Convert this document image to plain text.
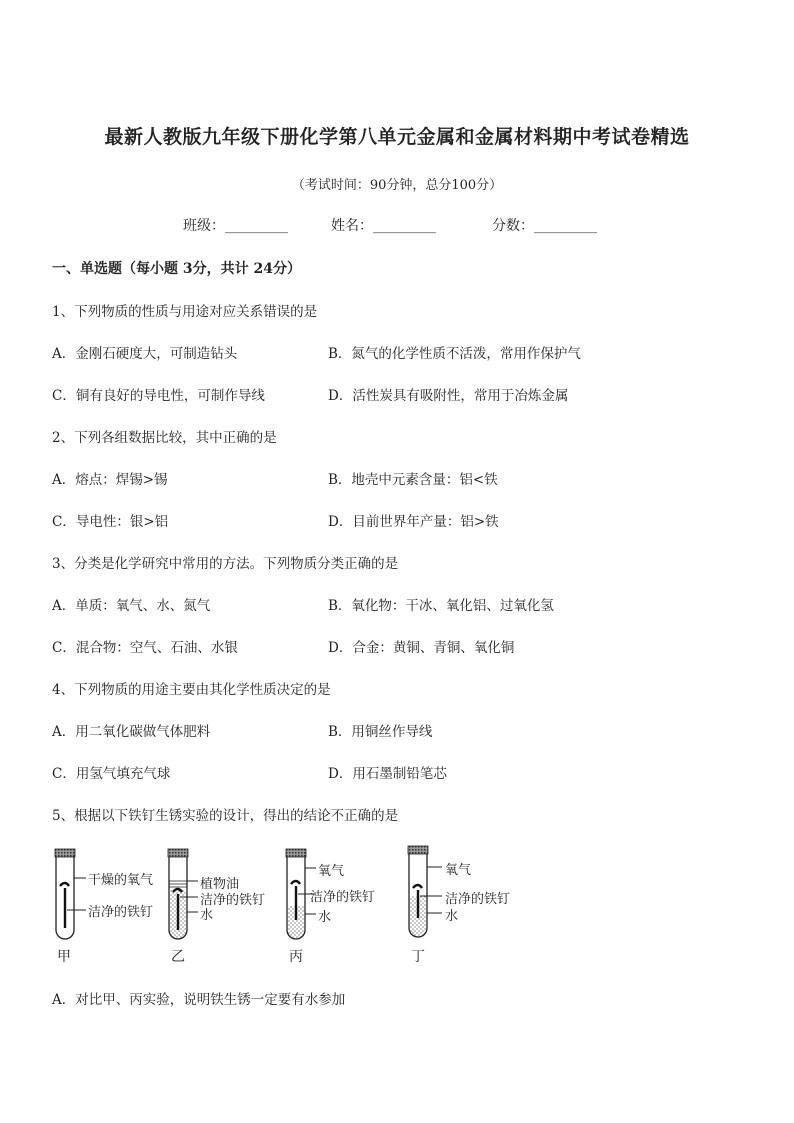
最新人教版九年级下册化学第八单元金属和金属材料期中考试卷精选
（考试时间：90分钟，总分100分）
班级：_________	姓名：_________	分数：_________
一、单选题（每小题 3分，共计 24分）
1、下列物质的性质与用途对应关系错误的是
A．金刚石硬度大，可制造钻头	B．氮气的化学性质不活泼，常用作保护气
C．铜有良好的导电性，可制作导线	D．活性炭具有吸附性，常用于冶炼金属
2、下列各组数据比较，其中正确的是
A．熔点：焊锡>锡	B．地壳中元素含量：铝<铁
C．导电性：银>铝	D．目前世界年产量：铝>铁
3、分类是化学研究中常用的方法。下列物质分类正确的是
A．单质：氧气、水、氮气	B．氧化物：干冰、氧化铝、过氧化氢
C．混合物：空气、石油、水银	D．合金：黄铜、青铜、氧化铜
4、下列物质的用途主要由其化学性质决定的是
A．用二氧化碳做气体肥料	B．用铜丝作导线
C．用氢气填充气球	D．用石墨制铅笔芯
5、根据以下铁钉生锈实验的设计，得出的结论不正确的是
干燥的氧气
洁净的铁钉
甲
植物油
洁净的铁钉
水
乙
氧气
洁净的铁钉
水
丙
氧气
洁净的铁钉
水
丁
A．对比甲、丙实验，说明铁生锈一定要有水参加
